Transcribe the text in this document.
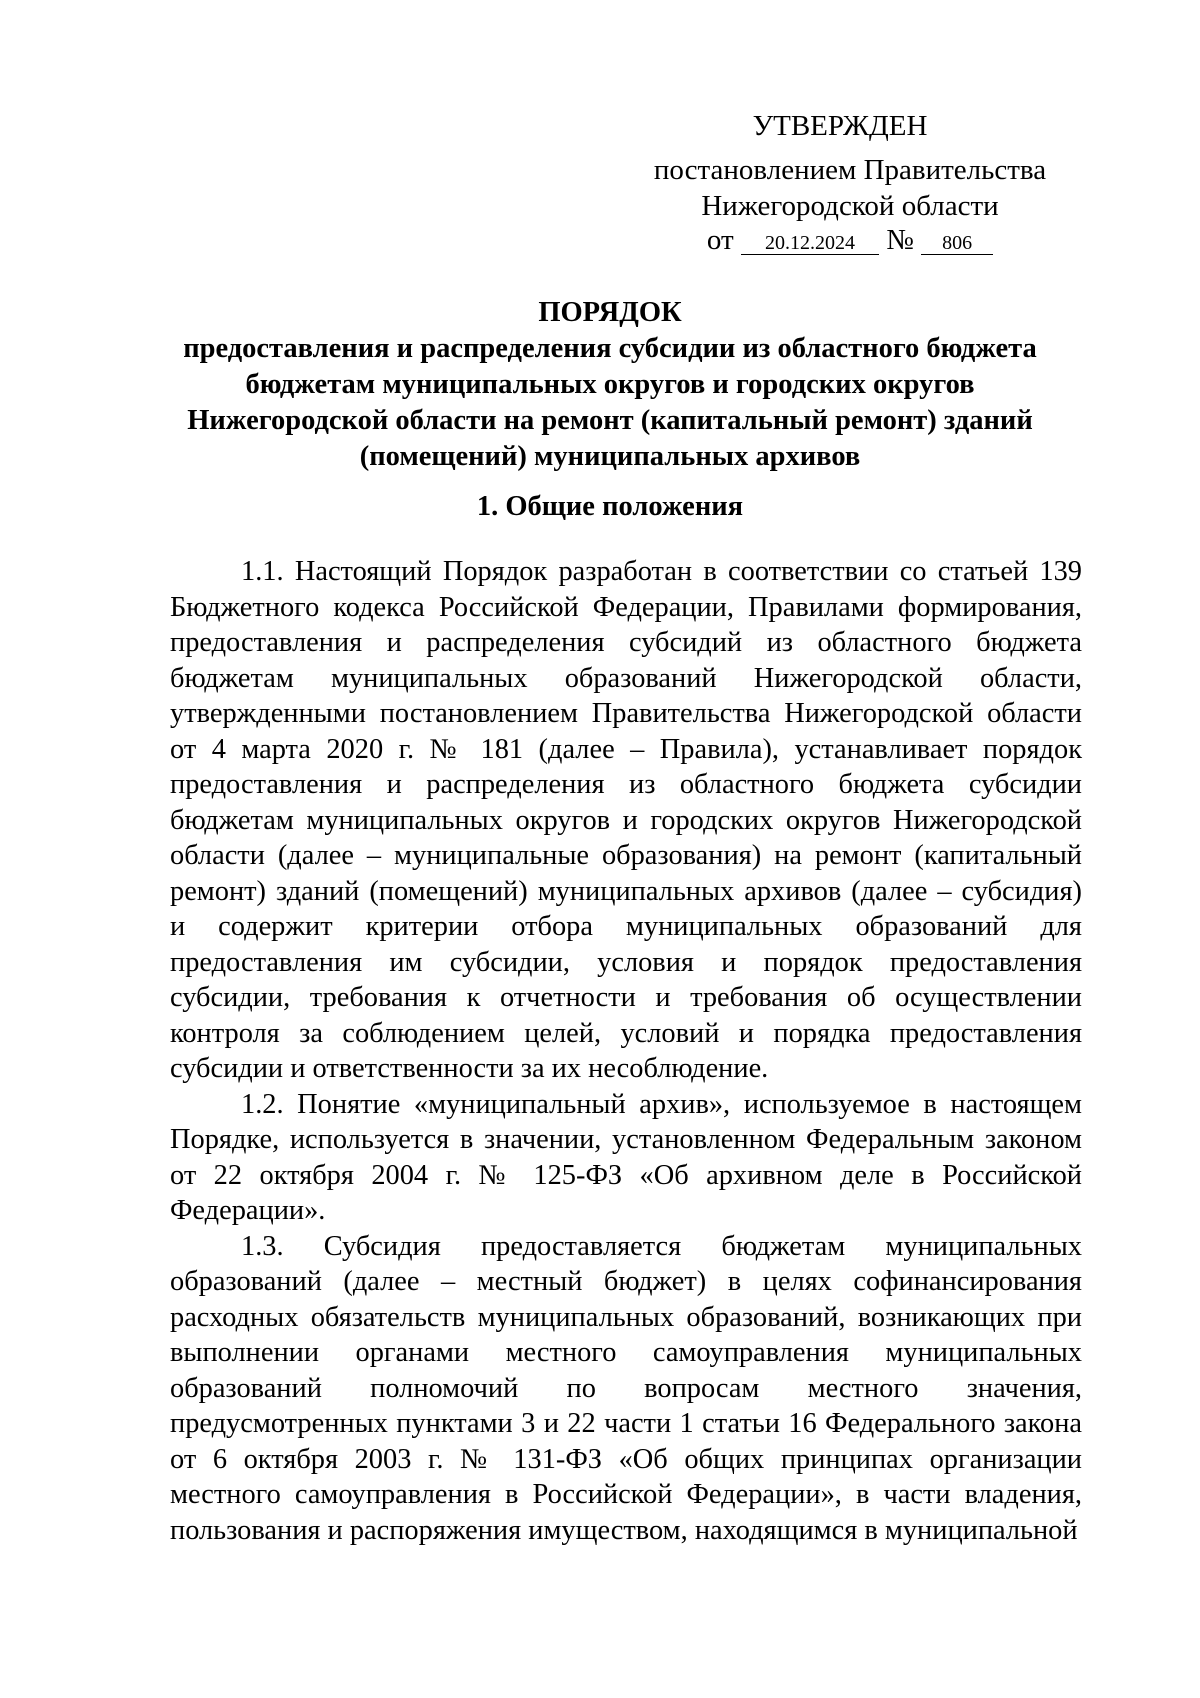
УТВЕРЖДЕН
постановлением Правительства
Нижегородской области
от 20.12.2024 № 806
ПОРЯДОК
предоставления и распределения субсидии из областного бюджета
бюджетам муниципальных округов и городских округов
Нижегородской области на ремонт (капитальный ремонт) зданий
(помещений) муниципальных архивов
1. Общие положения

1.1. Настоящий Порядок разработан в соответствии со статьей 139 Бюджетного кодекса Российской Федерации, Правилами формирования, предоставления и распределения субсидий из областного бюджета бюджетам муниципальных образований Нижегородской области, утвержденными постановлением Правительства Нижегородской области от 4 марта 2020 г. № 181 (далее – Правила), устанавливает порядок предоставления и распределения из областного бюджета субсидии бюджетам муниципальных округов и городских округов Нижегородской области (далее – муниципальные образования) на ремонт (капитальный ремонт) зданий (помещений) муниципальных архивов (далее – субсидия) и содержит критерии отбора муниципальных образований для предоставления им субсидии, условия и порядок предоставления субсидии, требования к отчетности и требования об осуществлении контроля за соблюдением целей, условий и порядка предоставления субсидии и ответственности за их несоблюдение.

1.2. Понятие «муниципальный архив», используемое в настоящем Порядке, используется в значении, установленном Федеральным законом от 22 октября 2004 г. № 125-ФЗ «Об архивном деле в Российской Федерации».

1.3. Субсидия предоставляется бюджетам муниципальных образований (далее – местный бюджет) в целях софинансирования расходных обязательств муниципальных образований, возникающих при выполнении органами местного самоуправления муниципальных образований полномочий по вопросам местного значения, предусмотренных пунктами 3 и 22 части 1 статьи 16 Федерального закона от 6 октября 2003 г. № 131-ФЗ «Об общих принципах организации местного самоуправления в Российской Федерации», в части владения, пользования и распоряжения имуществом, находящимся в муниципальной
